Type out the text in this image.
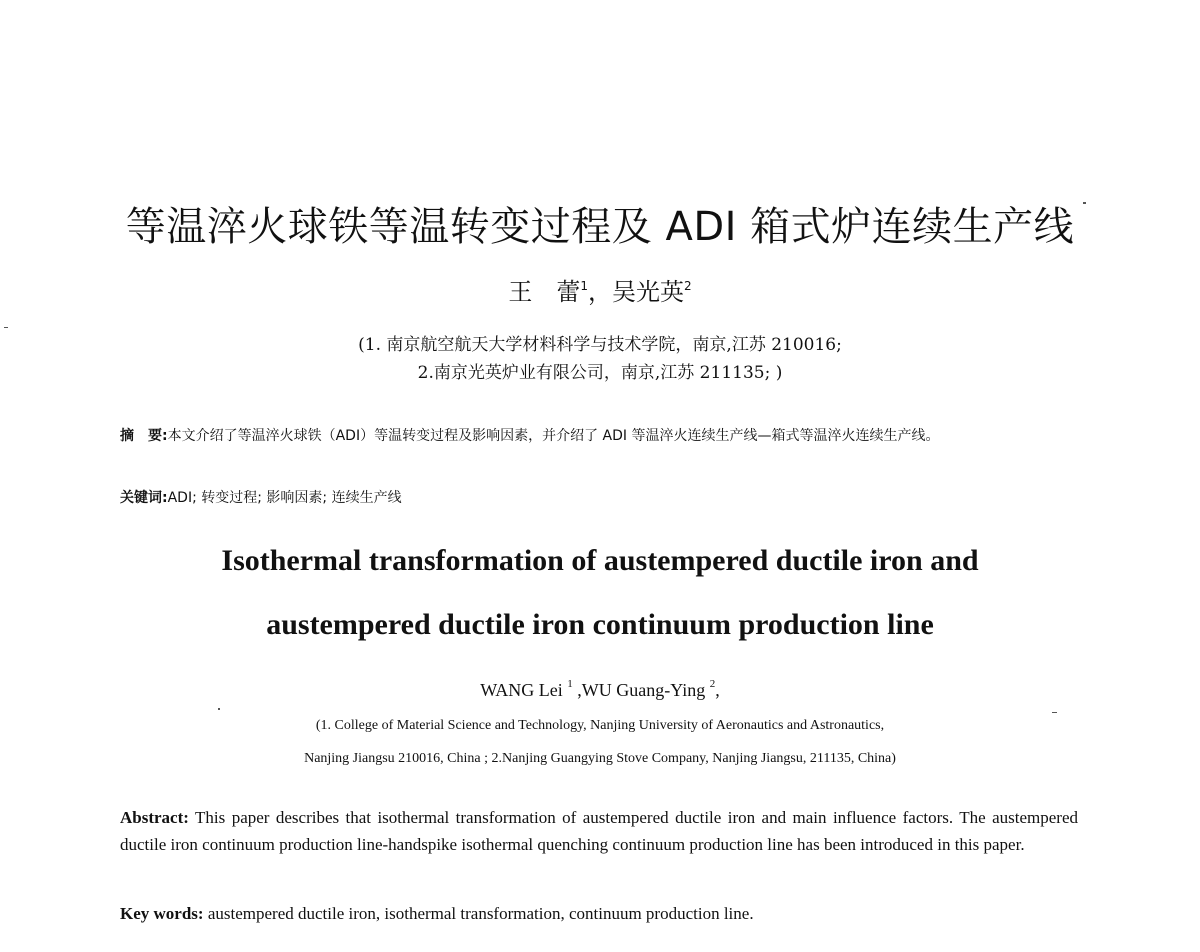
等温淬火球铁等温转变过程及 ADI 箱式炉连续生产线
王　蕾$^1$，吴光英$^2$
(1. 南京航空航天大学材料科学与技术学院，南京,江苏 210016;
2.南京光英炉业有限公司，南京,江苏 211135; )
摘　要:本文介绍了等温淬火球铁（ADI）等温转变过程及影响因素，并介绍了 ADI 等温淬火连续生产线—箱式等温淬火连续生产线。
关键词:ADI; 转变过程; 影响因素; 连续生产线
Isothermal transformation of austempered ductile iron and
austempered ductile iron continuum production line
WANG Lei $^1$ ,WU Guang-Ying $^2$,
(1. College of Material Science and Technology, Nanjing University of Aeronautics and Astronautics,
Nanjing Jiangsu 210016, China ; 2.Nanjing Guangying Stove Company, Nanjing Jiangsu, 211135, China)
Abstract: This paper describes that isothermal transformation of austempered ductile iron and main influence factors. The austempered ductile iron continuum production line-handspike isothermal quenching continuum production line has been introduced in this paper.
Key words: austempered ductile iron, isothermal transformation, continuum production line.
